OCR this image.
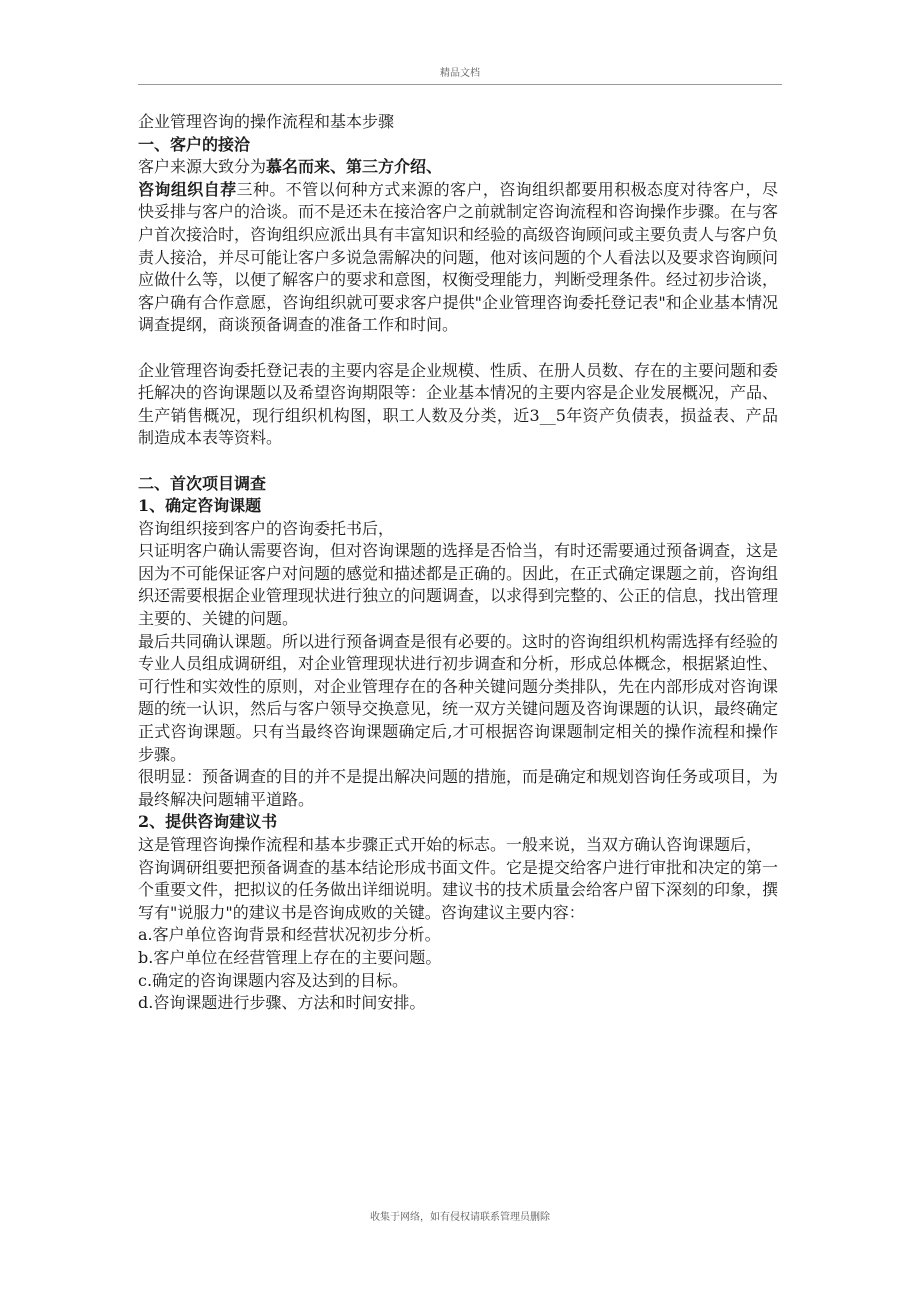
精品文档

企业管理咨询的操作流程和基本步骤

一、客户的接洽

客户来源大致分为慕名而来、第三方介绍、

咨询组织自荐三种。不管以何种方式来源的客户，咨询组织都要用积极态度对待客户，尽快妥排与客户的洽谈。而不是还未在接洽客户之前就制定咨询流程和咨询操作步骤。在与客户首次接洽时，咨询组织应派出具有丰富知识和经验的高级咨询顾问或主要负责人与客户负责人接洽，并尽可能让客户多说急需解决的问题，他对该问题的个人看法以及要求咨询顾问应做什么等，以便了解客户的要求和意图，权衡受理能力，判断受理条件。经过初步洽谈，客户确有合作意愿，咨询组织就可要求客户提供"企业管理咨询委托登记表"和企业基本情况调查提纲，商谈预备调查的准备工作和时间。

企业管理咨询委托登记表的主要内容是企业规模、性质、在册人员数、存在的主要问题和委托解决的咨询课题以及希望咨询期限等：企业基本情况的主要内容是企业发展概况，产品、生产销售概况，现行组织机构图，职工人数及分类，近3__5年资产负债表，损益表、产品制造成本表等资料。

二、首次项目调查

1、确定咨询课题

咨询组织接到客户的咨询委托书后，

只证明客户确认需要咨询，但对咨询课题的选择是否恰当，有时还需要通过预备调查，这是因为不可能保证客户对问题的感觉和描述都是正确的。因此，在正式确定课题之前，咨询组织还需要根据企业管理现状进行独立的问题调查，以求得到完整的、公正的信息，找出管理主要的、关键的问题。

最后共同确认课题。所以进行预备调查是很有必要的。这时的咨询组织机构需选择有经验的专业人员组成调研组，对企业管理现状进行初步调查和分析，形成总体概念，根据紧迫性、可行性和实效性的原则，对企业管理存在的各种关键问题分类排队，先在内部形成对咨询课题的统一认识，然后与客户领导交换意见，统一双方关键问题及咨询课题的认识，最终确定正式咨询课题。只有当最终咨询课题确定后,才可根据咨询课题制定相关的操作流程和操作步骤。

很明显：预备调查的目的并不是提出解决问题的措施，而是确定和规划咨询任务或项目，为最终解决问题辅平道路。

2、提供咨询建议书

这是管理咨询操作流程和基本步骤正式开始的标志。一般来说，当双方确认咨询课题后，

咨询调研组要把预备调查的基本结论形成书面文件。它是提交给客户进行审批和决定的第一个重要文件，把拟议的任务做出详细说明。建议书的技术质量会给客户留下深刻的印象，撰写有"说服力"的建议书是咨询成败的关键。咨询建议主要内容：

a.客户单位咨询背景和经营状况初步分析。

b.客户单位在经营管理上存在的主要问题。

c.确定的咨询课题内容及达到的目标。

d.咨询课题进行步骤、方法和时间安排。

收集于网络，如有侵权请联系管理员删除
